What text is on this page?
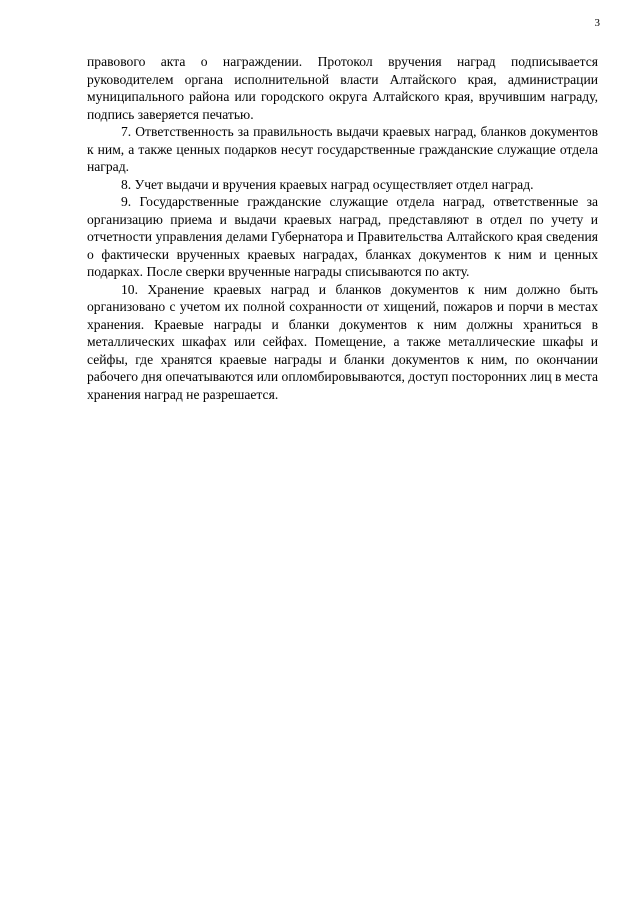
3

правового акта о награждении. Протокол вручения наград подписывается руководителем органа исполнительной власти Алтайского края, администрации муниципального района или городского округа Алтайского края, вручившим награду, подпись заверяется печатью.

7. Ответственность за правильность выдачи краевых наград, бланков документов к ним, а также ценных подарков несут государственные гражданские служащие отдела наград.

8. Учет выдачи и вручения краевых наград осуществляет отдел наград.

9. Государственные гражданские служащие отдела наград, ответственные за организацию приема и выдачи краевых наград, представляют в отдел по учету и отчетности управления делами Губернатора и Правительства Алтайского края сведения о фактически врученных краевых наградах, бланках документов к ним и ценных подарках. После сверки врученные награды списываются по акту.

10. Хранение краевых наград и бланков документов к ним должно быть организовано с учетом их полной сохранности от хищений, пожаров и порчи в местах хранения. Краевые награды и бланки документов к ним должны храниться в металлических шкафах или сейфах. Помещение, а также металлические шкафы и сейфы, где хранятся краевые награды и бланки документов к ним, по окончании рабочего дня опечатываются или опломбировываются, доступ посторонних лиц в места хранения наград не разрешается.
